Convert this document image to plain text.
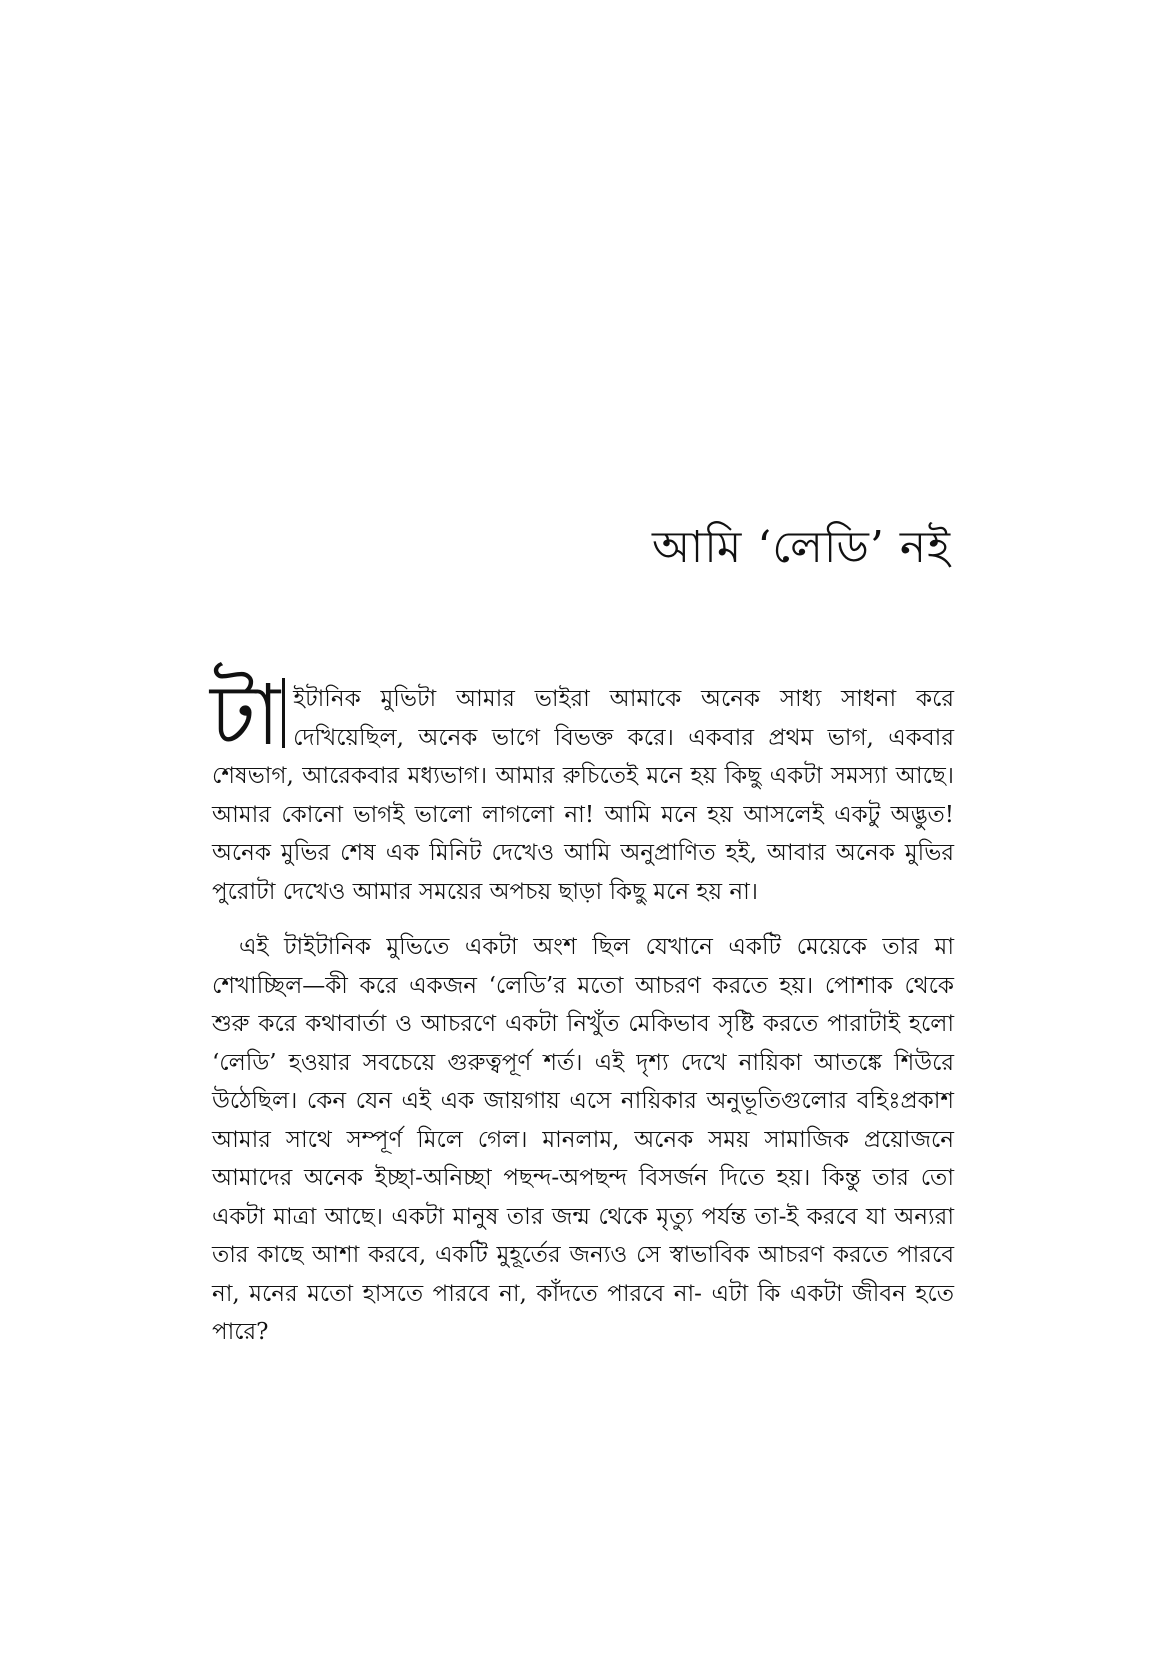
আমি ‘লেডি’ নই

টা ইটানিক মুভিটা আমার ভাইরা আমাকে অনেক সাধ্য সাধনা করে দেখিয়েছিল, অনেক ভাগে বিভক্ত করে। একবার প্রথম ভাগ, একবার শেষভাগ, আরেকবার মধ্যভাগ। আমার রুচিতেই মনে হয় কিছু একটা সমস্যা আছে। আমার কোনো ভাগই ভালো লাগলো না! আমি মনে হয় আসলেই একটু অদ্ভুত! অনেক মুভির শেষ এক মিনিট দেখেও আমি অনুপ্রাণিত হই, আবার অনেক মুভির পুরোটা দেখেও আমার সময়ের অপচয় ছাড়া কিছু মনে হয় না।

এই টাইটানিক মুভিতে একটা অংশ ছিল যেখানে একটি মেয়েকে তার মা শেখাচ্ছিল—কী করে একজন ‘লেডি’র মতো আচরণ করতে হয়। পোশাক থেকে শুরু করে কথাবার্তা ও আচরণে একটা নিখুঁত মেকিভাব সৃষ্টি করতে পারাটাই হলো ‘লেডি’ হওয়ার সবচেয়ে গুরুত্বপূর্ণ শর্ত। এই দৃশ্য দেখে নায়িকা আতঙ্কে শিউরে উঠেছিল। কেন যেন এই এক জায়গায় এসে নায়িকার অনুভূতিগুলোর বহিঃপ্রকাশ আমার সাথে সম্পূর্ণ মিলে গেল। মানলাম, অনেক সময় সামাজিক প্রয়োজনে আমাদের অনেক ইচ্ছা-অনিচ্ছা পছন্দ-অপছন্দ বিসর্জন দিতে হয়। কিন্তু তার তো একটা মাত্রা আছে। একটা মানুষ তার জন্ম থেকে মৃত্যু পর্যন্ত তা-ই করবে যা অন্যরা তার কাছে আশা করবে, একটি মুহূর্তের জন্যও সে স্বাভাবিক আচরণ করতে পারবে না, মনের মতো হাসতে পারবে না, কাঁদতে পারবে না- এটা কি একটা জীবন হতে পারে?
